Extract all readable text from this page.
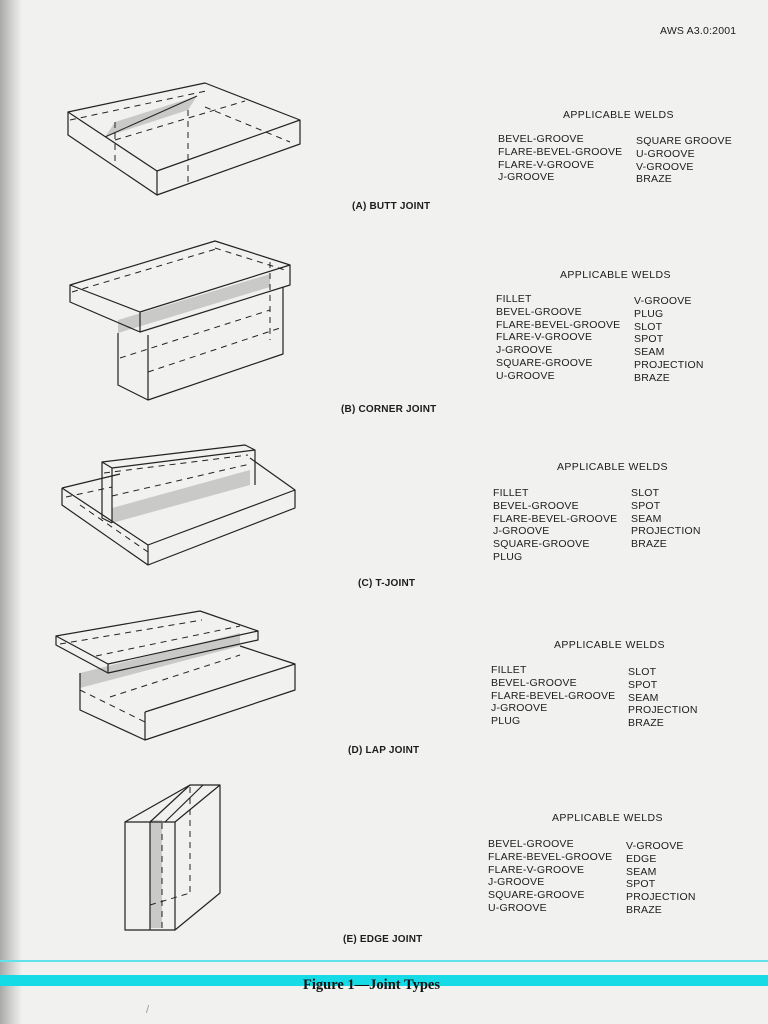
AWS A3.0:2001
(A) BUTT JOINT
APPLICABLE WELDS
BEVEL-GROOVE
FLARE-BEVEL-GROOVE
FLARE-V-GROOVE
J-GROOVE
SQUARE GROOVE
U-GROOVE
V-GROOVE
BRAZE
(B) CORNER JOINT
APPLICABLE WELDS
FILLET
BEVEL-GROOVE
FLARE-BEVEL-GROOVE
FLARE-V-GROOVE
J-GROOVE
SQUARE-GROOVE
U-GROOVE
V-GROOVE
PLUG
SLOT
SPOT
SEAM
PROJECTION
BRAZE
(C) T-JOINT
APPLICABLE WELDS
FILLET
BEVEL-GROOVE
FLARE-BEVEL-GROOVE
J-GROOVE
SQUARE-GROOVE
PLUG
SLOT
SPOT
SEAM
PROJECTION
BRAZE
(D) LAP JOINT
APPLICABLE WELDS
FILLET
BEVEL-GROOVE
FLARE-BEVEL-GROOVE
J-GROOVE
PLUG
SLOT
SPOT
SEAM
PROJECTION
BRAZE
(E) EDGE JOINT
APPLICABLE WELDS
BEVEL-GROOVE
FLARE-BEVEL-GROOVE
FLARE-V-GROOVE
J-GROOVE
SQUARE-GROOVE
U-GROOVE
V-GROOVE
EDGE
SEAM
SPOT
PROJECTION
BRAZE
Figure 1—Joint Types
/
